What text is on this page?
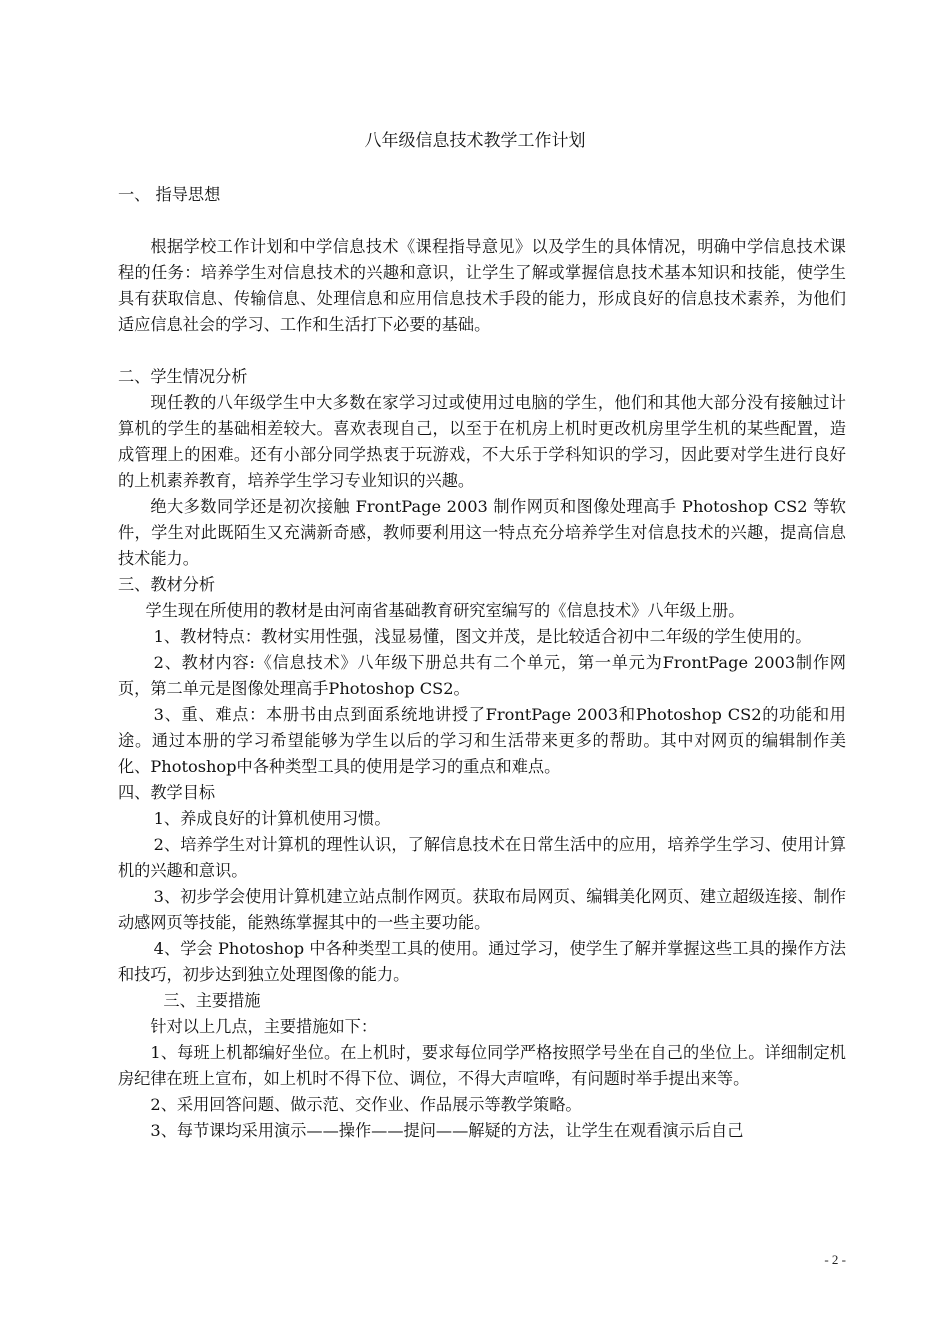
八年级信息技术教学工作计划

一、 指导思想

根据学校工作计划和中学信息技术《课程指导意见》以及学生的具体情况，明确中学信息技术课程的任务：培养学生对信息技术的兴趣和意识，让学生了解或掌握信息技术基本知识和技能，使学生具有获取信息、传输信息、处理信息和应用信息技术手段的能力，形成良好的信息技术素养，为他们适应信息社会的学习、工作和生活打下必要的基础。

二、学生情况分析

现任教的八年级学生中大多数在家学习过或使用过电脑的学生，他们和其他大部分没有接触过计算机的学生的基础相差较大。喜欢表现自己，以至于在机房上机时更改机房里学生机的某些配置，造成管理上的困难。还有小部分同学热衷于玩游戏，不大乐于学科知识的学习，因此要对学生进行良好的上机素养教育，培养学生学习专业知识的兴趣。

绝大多数同学还是初次接触 FrontPage 2003 制作网页和图像处理高手 Photoshop CS2 等软件，学生对此既陌生又充满新奇感，教师要利用这一特点充分培养学生对信息技术的兴趣，提高信息技术能力。

三、教材分析

学生现在所使用的教材是由河南省基础教育研究室编写的《信息技术》八年级上册。

1、教材特点：教材实用性强，浅显易懂，图文并茂，是比较适合初中二年级的学生使用的。

2、教材内容:《信息技术》八年级下册总共有二个单元，第一单元为FrontPage 2003制作网页，第二单元是图像处理高手Photoshop CS2。

3、重、难点：本册书由点到面系统地讲授了FrontPage 2003和Photoshop CS2的功能和用途。通过本册的学习希望能够为学生以后的学习和生活带来更多的帮助。其中对网页的编辑制作美化、Photoshop中各种类型工具的使用是学习的重点和难点。

四、教学目标

1、养成良好的计算机使用习惯。

2、培养学生对计算机的理性认识，了解信息技术在日常生活中的应用，培养学生学习、使用计算机的兴趣和意识。

3、初步学会使用计算机建立站点制作网页。获取布局网页、编辑美化网页、建立超级连接、制作动感网页等技能，能熟练掌握其中的一些主要功能。

4、学会 Photoshop 中各种类型工具的使用。通过学习，使学生了解并掌握这些工具的操作方法和技巧，初步达到独立处理图像的能力。

三、主要措施

针对以上几点，主要措施如下：

1、每班上机都编好坐位。在上机时，要求每位同学严格按照学号坐在自己的坐位上。详细制定机房纪律在班上宣布，如上机时不得下位、调位，不得大声喧哗，有问题时举手提出来等。

2、采用回答问题、做示范、交作业、作品展示等教学策略。

3、每节课均采用演示——操作——提问——解疑的方法，让学生在观看演示后自己

- 2 -
